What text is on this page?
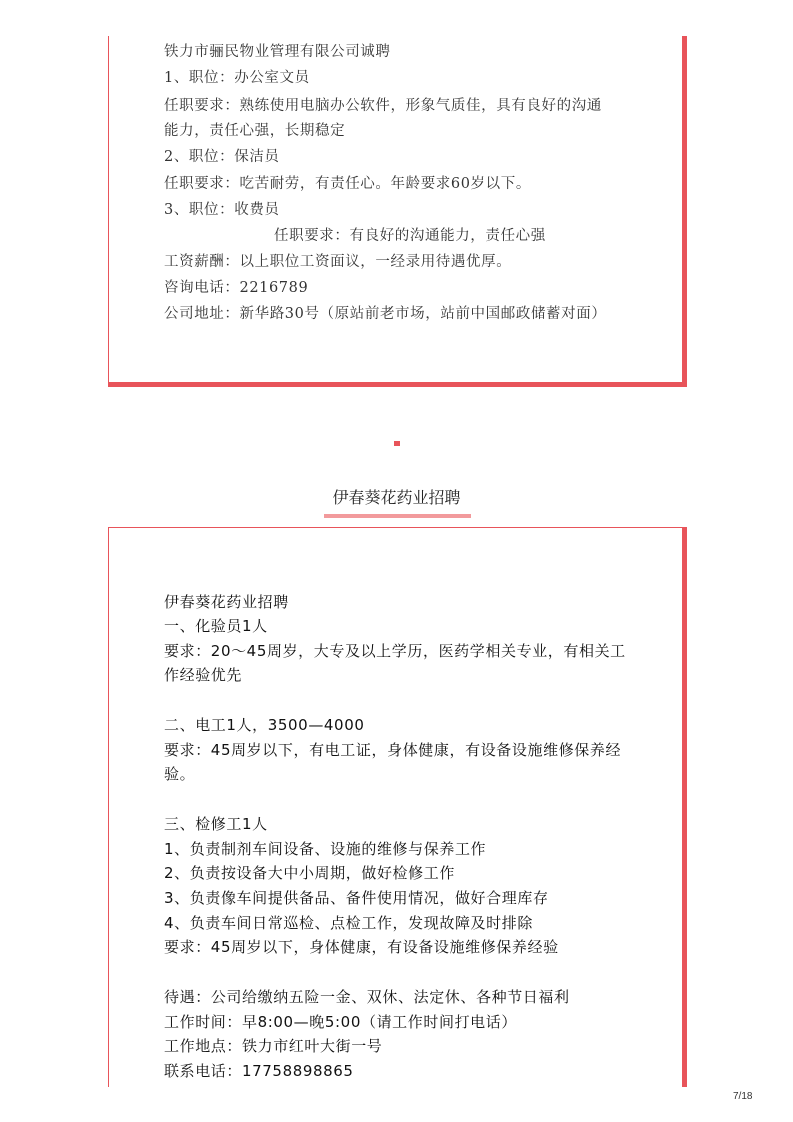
铁力市骊民物业管理有限公司诚聘
1、职位：办公室文员
任职要求：熟练使用电脑办公软件，形象气质佳，具有良好的沟通
能力，责任心强，长期稳定
2、职位：保洁员
任职要求：吃苦耐劳，有责任心。年龄要求60岁以下。
3、职位：收费员
任职要求：有良好的沟通能力，责任心强
工资薪酬：以上职位工资面议，一经录用待遇优厚。
咨询电话：2216789
公司地址：新华路30号（原站前老市场，站前中国邮政储蓄对面）
伊春葵花药业招聘
伊春葵花药业招聘
一、化验员1人
要求：20～45周岁，大专及以上学历，医药学相关专业，有相关工
作经验优先
二、电工1人，3500—4000
要求：45周岁以下，有电工证，身体健康，有设备设施维修保养经
验。
三、检修工1人
1、负责制剂车间设备、设施的维修与保养工作
2、负责按设备大中小周期，做好检修工作
3、负责像车间提供备品、备件使用情况，做好合理库存
4、负责车间日常巡检、点检工作，发现故障及时排除
要求：45周岁以下，身体健康，有设备设施维修保养经验
待遇：公司给缴纳五险一金、双休、法定休、各种节日福利
工作时间：早8:00—晚5:00（请工作时间打电话）
工作地点：铁力市红叶大街一号
联系电话：17758898865
7/18
